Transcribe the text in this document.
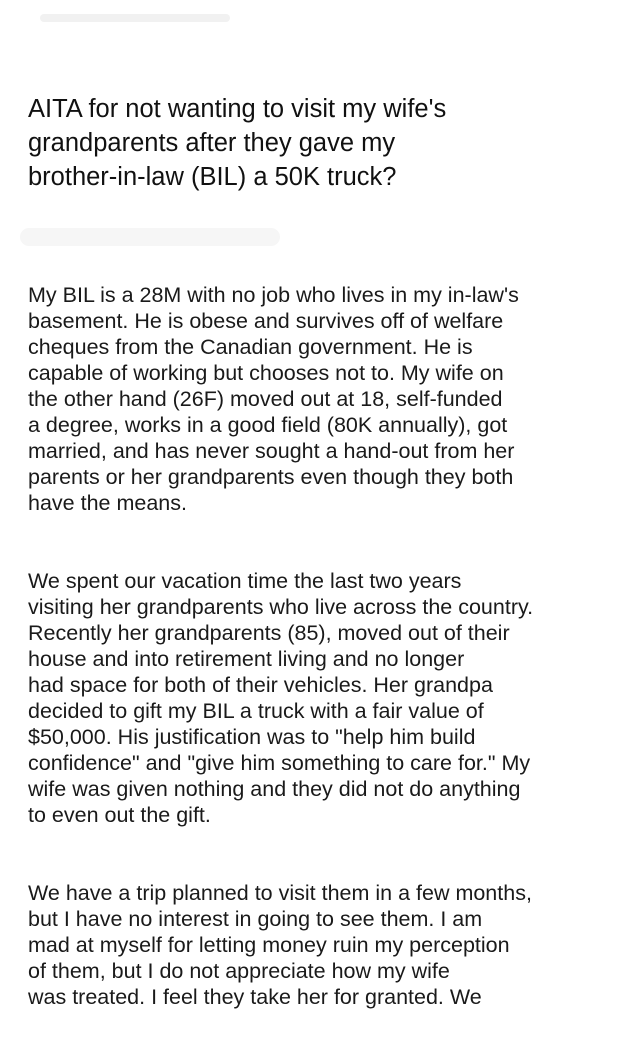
AITA for not wanting to visit my wife's
grandparents after they gave my
brother-in-law (BIL) a 50K truck?

My BIL is a 28M with no job who lives in my in-law's
basement. He is obese and survives off of welfare
cheques from the Canadian government. He is
capable of working but chooses not to. My wife on
the other hand (26F) moved out at 18, self-funded
a degree, works in a good field (80K annually), got
married, and has never sought a hand-out from her
parents or her grandparents even though they both
have the means.

We spent our vacation time the last two years
visiting her grandparents who live across the country.
Recently her grandparents (85), moved out of their
house and into retirement living and no longer
had space for both of their vehicles. Her grandpa
decided to gift my BIL a truck with a fair value of
$50,000. His justification was to "help him build
confidence" and "give him something to care for." My
wife was given nothing and they did not do anything
to even out the gift.

We have a trip planned to visit them in a few months,
but I have no interest in going to see them. I am
mad at myself for letting money ruin my perception
of them, but I do not appreciate how my wife
was treated. I feel they take her for granted. We
